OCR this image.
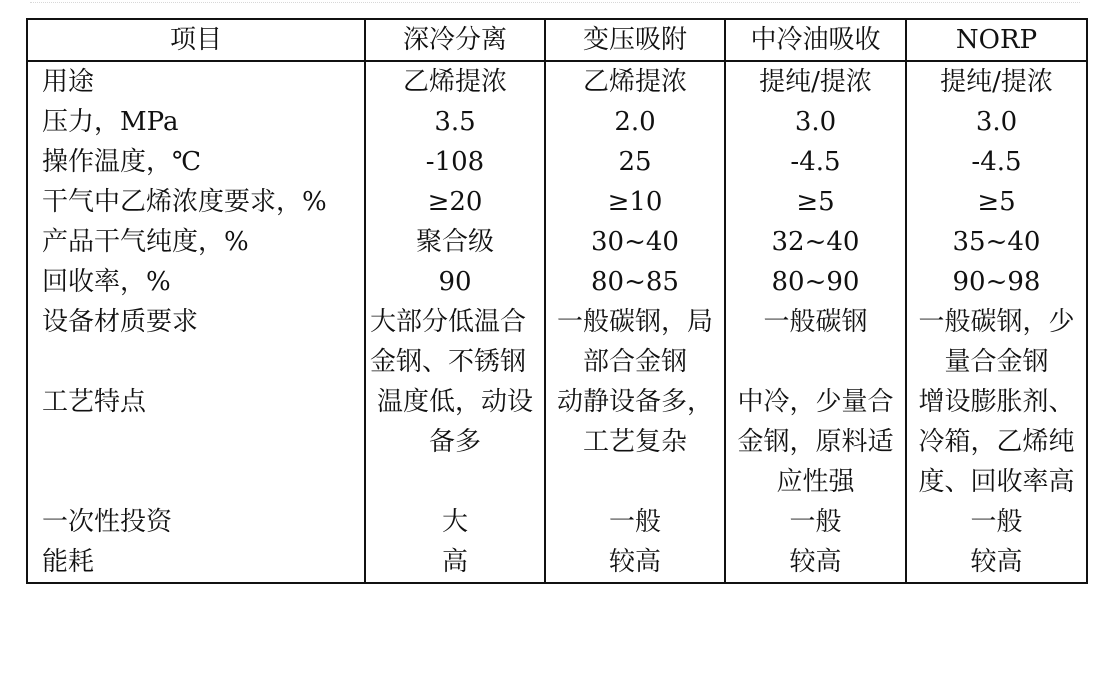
项目	深冷分离	变压吸附	中冷油吸收	NORP
用途	乙烯提浓	乙烯提浓	提纯/提浓	提纯/提浓
压力，MPa	3.5	2.0	3.0	3.0
操作温度，℃	-108	25	-4.5	-4.5
干气中乙烯浓度要求，%	≥20	≥10	≥5	≥5
产品干气纯度，%	聚合级	30~40	32~40	35~40
回收率，%	90	80~85	80~90	90~98
设备材质要求	大部分低温合金钢、不锈钢	一般碳钢，局部合金钢	一般碳钢	一般碳钢，少量合金钢
工艺特点	温度低，动设备多	动静设备多，工艺复杂	中冷，少量合金钢，原料适应性强	增设膨胀剂、冷箱，乙烯纯度、回收率高
一次性投资	大	一般	一般	一般
能耗	高	较高	较高	较高
